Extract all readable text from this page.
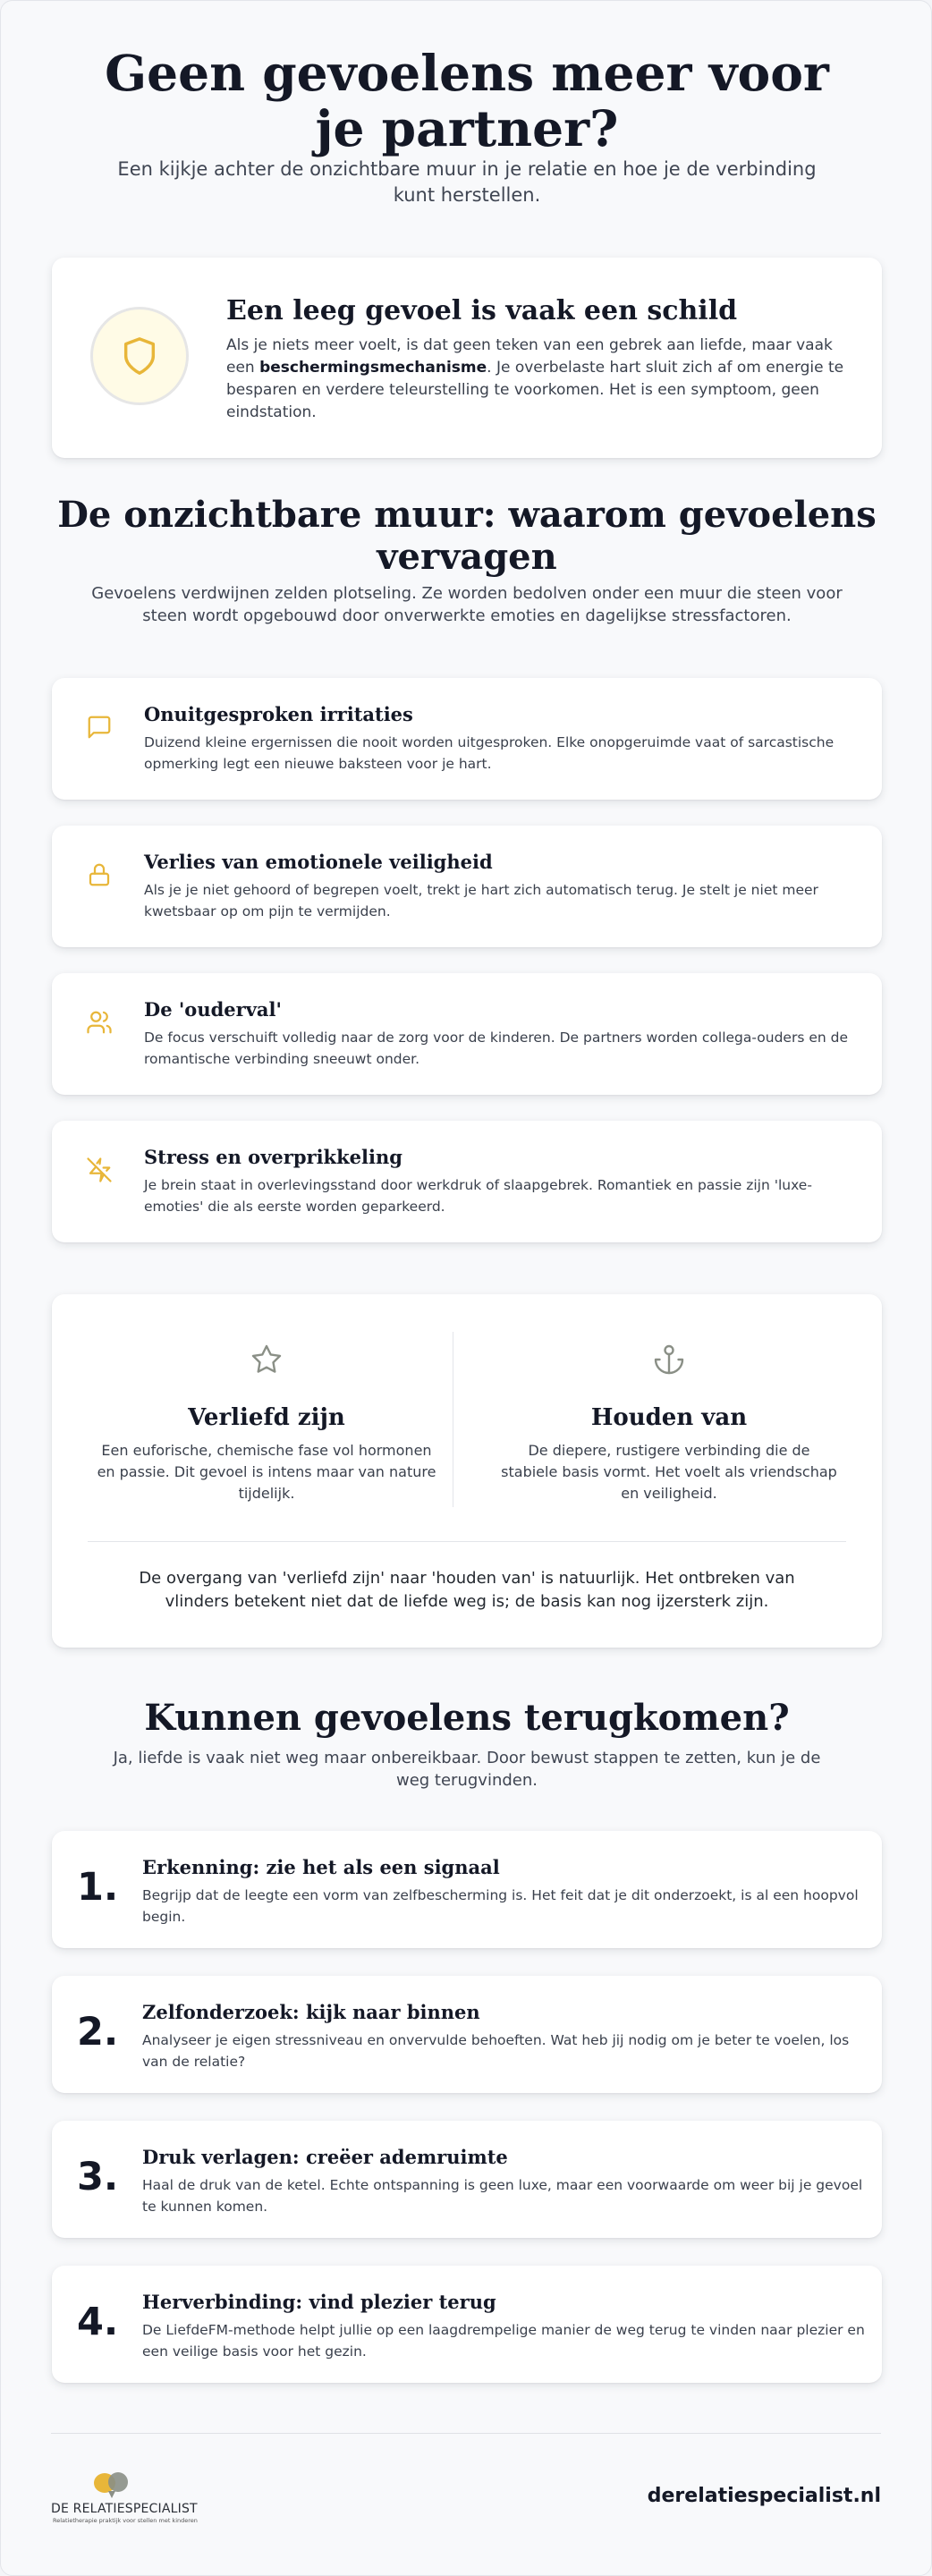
Geen gevoelens meer voor je partner?

Een kijkje achter de onzichtbare muur in je relatie en hoe je de verbinding kunt herstellen.

Een leeg gevoel is vaak een schild

Als je niets meer voelt, is dat geen teken van een gebrek aan liefde, maar vaak een beschermingsmechanisme. Je overbelaste hart sluit zich af om energie te besparen en verdere teleurstelling te voorkomen. Het is een symptoom, geen eindstation.

De onzichtbare muur: waarom gevoelens vervagen

Gevoelens verdwijnen zelden plotseling. Ze worden bedolven onder een muur die steen voor steen wordt opgebouwd door onverwerkte emoties en dagelijkse stressfactoren.

Onuitgesproken irritaties

Duizend kleine ergernissen die nooit worden uitgesproken. Elke onopgeruimde vaat of sarcastische opmerking legt een nieuwe baksteen voor je hart.

Verlies van emotionele veiligheid

Als je je niet gehoord of begrepen voelt, trekt je hart zich automatisch terug. Je stelt je niet meer kwetsbaar op om pijn te vermijden.

De 'ouderval'

De focus verschuift volledig naar de zorg voor de kinderen. De partners worden collega-ouders en de romantische verbinding sneeuwt onder.

Stress en overprikkeling

Je brein staat in overlevingsstand door werkdruk of slaapgebrek. Romantiek en passie zijn 'luxe-emoties' die als eerste worden geparkeerd.

Verliefd zijn

Een euforische, chemische fase vol hormonen en passie. Dit gevoel is intens maar van nature tijdelijk.

Houden van

De diepere, rustigere verbinding die de stabiele basis vormt. Het voelt als vriendschap en veiligheid.

De overgang van 'verliefd zijn' naar 'houden van' is natuurlijk. Het ontbreken van vlinders betekent niet dat de liefde weg is; de basis kan nog ijzersterk zijn.

Kunnen gevoelens terugkomen?

Ja, liefde is vaak niet weg maar onbereikbaar. Door bewust stappen te zetten, kun je de weg terugvinden.

1.	Erkenning: zie het als een signaal

Begrijp dat de leegte een vorm van zelfbescherming is. Het feit dat je dit onderzoekt, is al een hoopvol begin.

2.	Zelfonderzoek: kijk naar binnen

Analyseer je eigen stressniveau en onvervulde behoeften. Wat heb jij nodig om je beter te voelen, los van de relatie?

3.	Druk verlagen: creëer ademruimte

Haal de druk van de ketel. Echte ontspanning is geen luxe, maar een voorwaarde om weer bij je gevoel te kunnen komen.

4.	Herverbinding: vind plezier terug

De LiefdeFM-methode helpt jullie op een laagdrempelige manier de weg terug te vinden naar plezier en een veilige basis voor het gezin.

DE RELATIESPECIALIST
Relatietherapie praktijk voor stellen met kinderen
derelatiespecialist.nl
